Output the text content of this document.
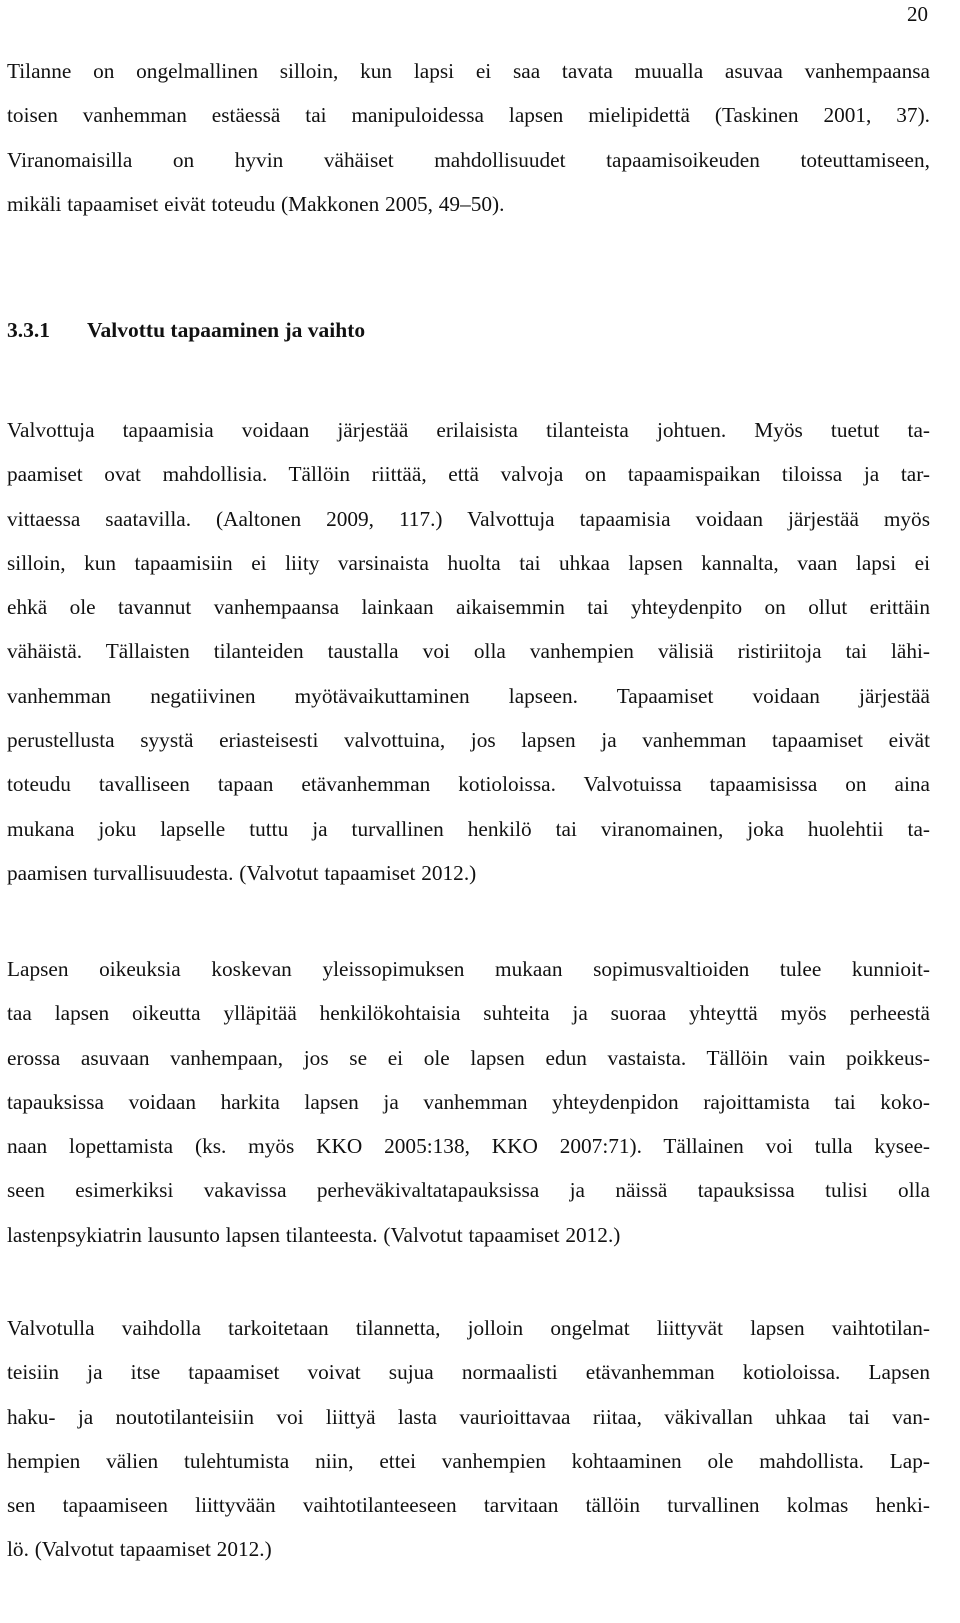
20
Tilanne on ongelmallinen silloin, kun lapsi ei saa tavata muualla asuvaa vanhempaansa
toisen vanhemman estäessä tai manipuloidessa lapsen mielipidettä (Taskinen 2001, 37).
Viranomaisilla on hyvin vähäiset mahdollisuudet tapaamisoikeuden toteuttamiseen,
mikäli tapaamiset eivät toteudu (Makkonen 2005, 49–50).
3.3.1 Valvottu tapaaminen ja vaihto
Valvottuja tapaamisia voidaan järjestää erilaisista tilanteista johtuen. Myös tuetut ta-
paamiset ovat mahdollisia. Tällöin riittää, että valvoja on tapaamispaikan tiloissa ja tar-
vittaessa saatavilla. (Aaltonen 2009, 117.) Valvottuja tapaamisia voidaan järjestää myös
silloin, kun tapaamisiin ei liity varsinaista huolta tai uhkaa lapsen kannalta, vaan lapsi ei
ehkä ole tavannut vanhempaansa lainkaan aikaisemmin tai yhteydenpito on ollut erittäin
vähäistä. Tällaisten tilanteiden taustalla voi olla vanhempien välisiä ristiriitoja tai lähi-
vanhemman negatiivinen myötävaikuttaminen lapseen. Tapaamiset voidaan järjestää
perustellusta syystä eriasteisesti valvottuina, jos lapsen ja vanhemman tapaamiset eivät
toteudu tavalliseen tapaan etävanhemman kotioloissa. Valvotuissa tapaamisissa on aina
mukana joku lapselle tuttu ja turvallinen henkilö tai viranomainen, joka huolehtii ta-
paamisen turvallisuudesta. (Valvotut tapaamiset 2012.)
Lapsen oikeuksia koskevan yleissopimuksen mukaan sopimusvaltioiden tulee kunnioit-
taa lapsen oikeutta ylläpitää henkilökohtaisia suhteita ja suoraa yhteyttä myös perheestä
erossa asuvaan vanhempaan, jos se ei ole lapsen edun vastaista. Tällöin vain poikkeus-
tapauksissa voidaan harkita lapsen ja vanhemman yhteydenpidon rajoittamista tai koko-
naan lopettamista (ks. myös KKO 2005:138, KKO 2007:71). Tällainen voi tulla kysee-
seen esimerkiksi vakavissa perheväkivaltatapauksissa ja näissä tapauksissa tulisi olla
lastenpsykiatrin lausunto lapsen tilanteesta. (Valvotut tapaamiset 2012.)
Valvotulla vaihdolla tarkoitetaan tilannetta, jolloin ongelmat liittyvät lapsen vaihtotilan-
teisiin ja itse tapaamiset voivat sujua normaalisti etävanhemman kotioloissa. Lapsen
haku- ja noutotilanteisiin voi liittyä lasta vaurioittavaa riitaa, väkivallan uhkaa tai van-
hempien välien tulehtumista niin, ettei vanhempien kohtaaminen ole mahdollista. Lap-
sen tapaamiseen liittyvään vaihtotilanteeseen tarvitaan tällöin turvallinen kolmas henki-
lö. (Valvotut tapaamiset 2012.)
